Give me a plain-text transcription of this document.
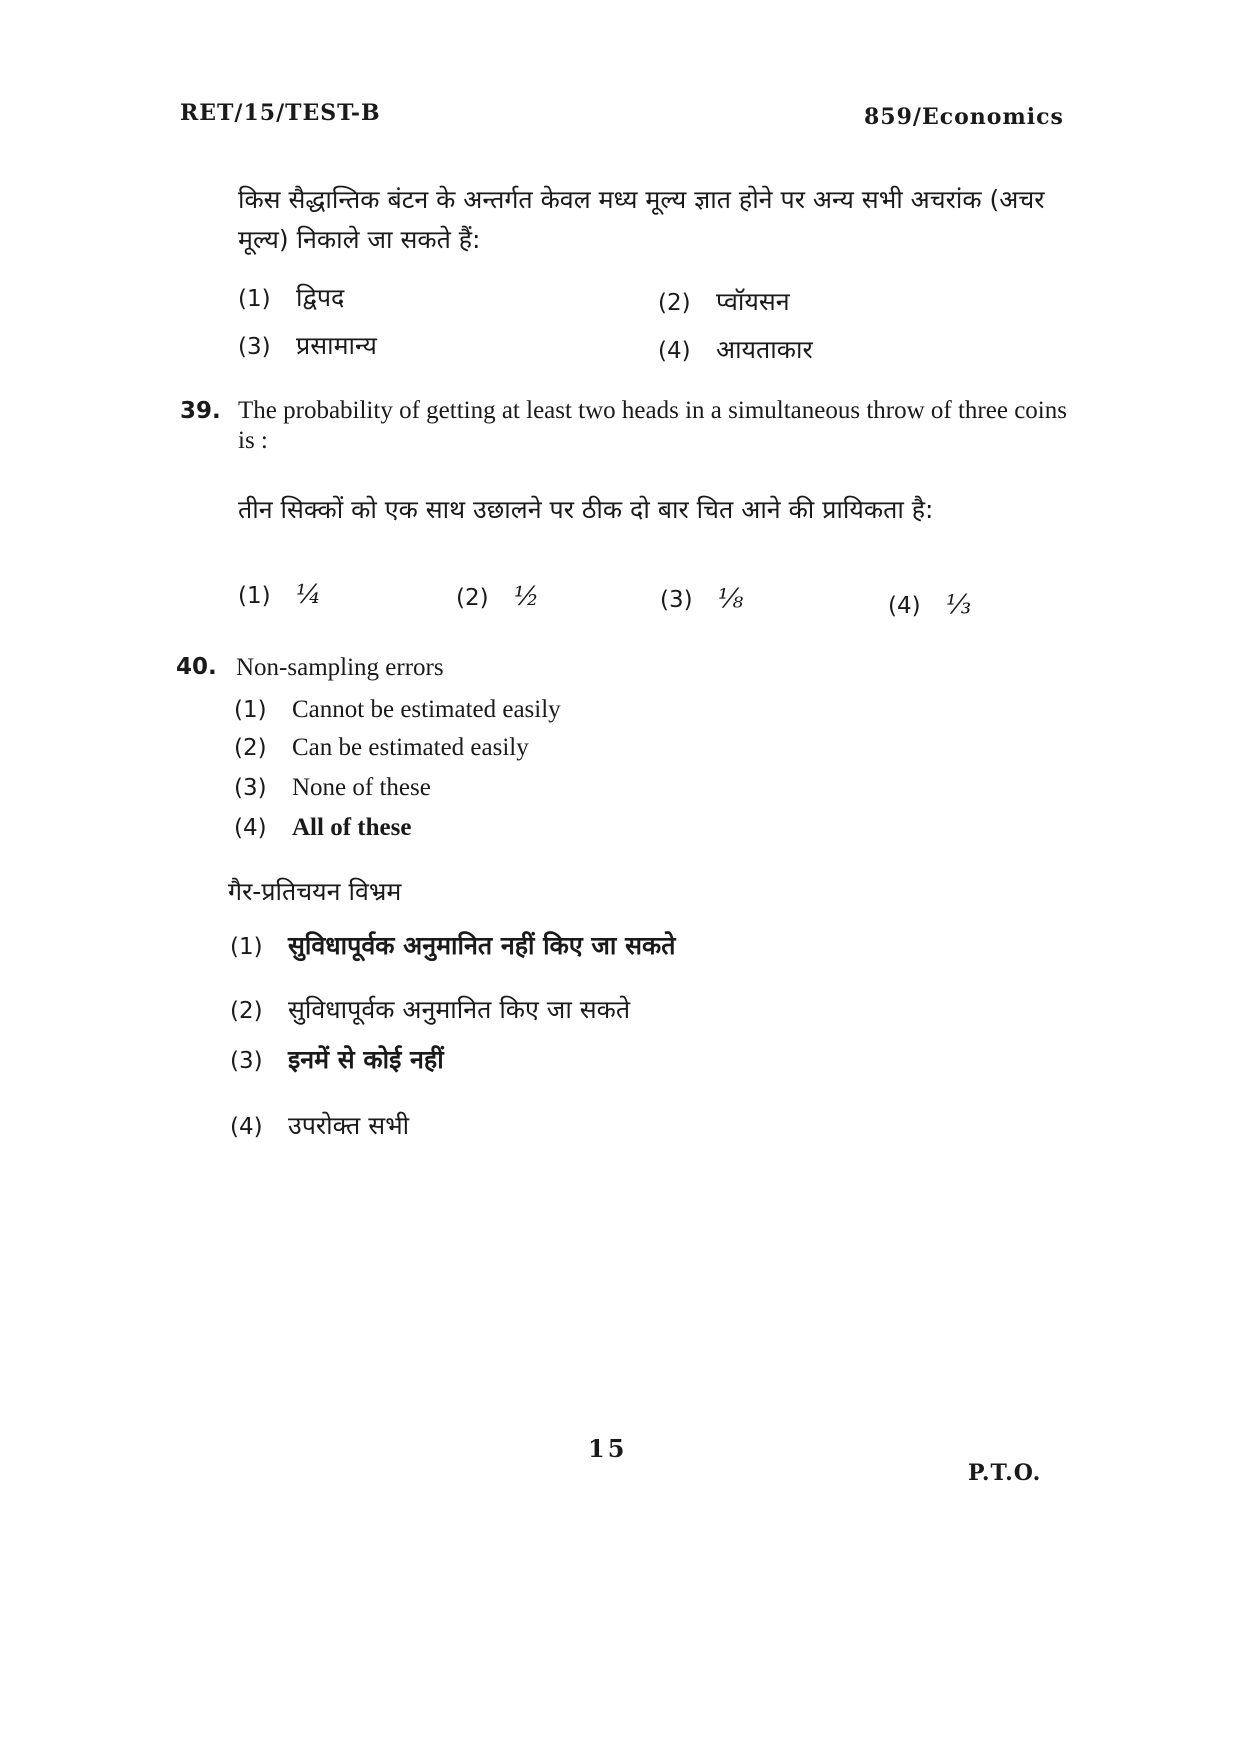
RET/15/TEST-B	859/Economics
किस सैद्धान्तिक बंटन के अन्तर्गत केवल मध्य मूल्य ज्ञात होने पर अन्य सभी अचरांक (अचर मूल्य) निकाले जा सकते हैं:
(1) द्विपद	(2) प्वॉयसन
(3) प्रसामान्य	(4) आयताकार
39. The probability of getting at least two heads in a simultaneous throw of three coins is :
तीन सिक्कों को एक साथ उछालने पर ठीक दो बार चित आने की प्रायिकता है:
(1) ¼	(2) ½	(3) ⅛	(4) ⅓
40. Non-sampling errors
(1) Cannot be estimated easily
(2) Can be estimated easily
(3) None of these
(4) All of these
गैर-प्रतिचयन विभ्रम
(1) सुविधापूर्वक अनुमानित नहीं किए जा सकते
(2) सुविधापूर्वक अनुमानित किए जा सकते
(3) इनमें से कोई नहीं
(4) उपरोक्त सभी
15
P.T.O.
